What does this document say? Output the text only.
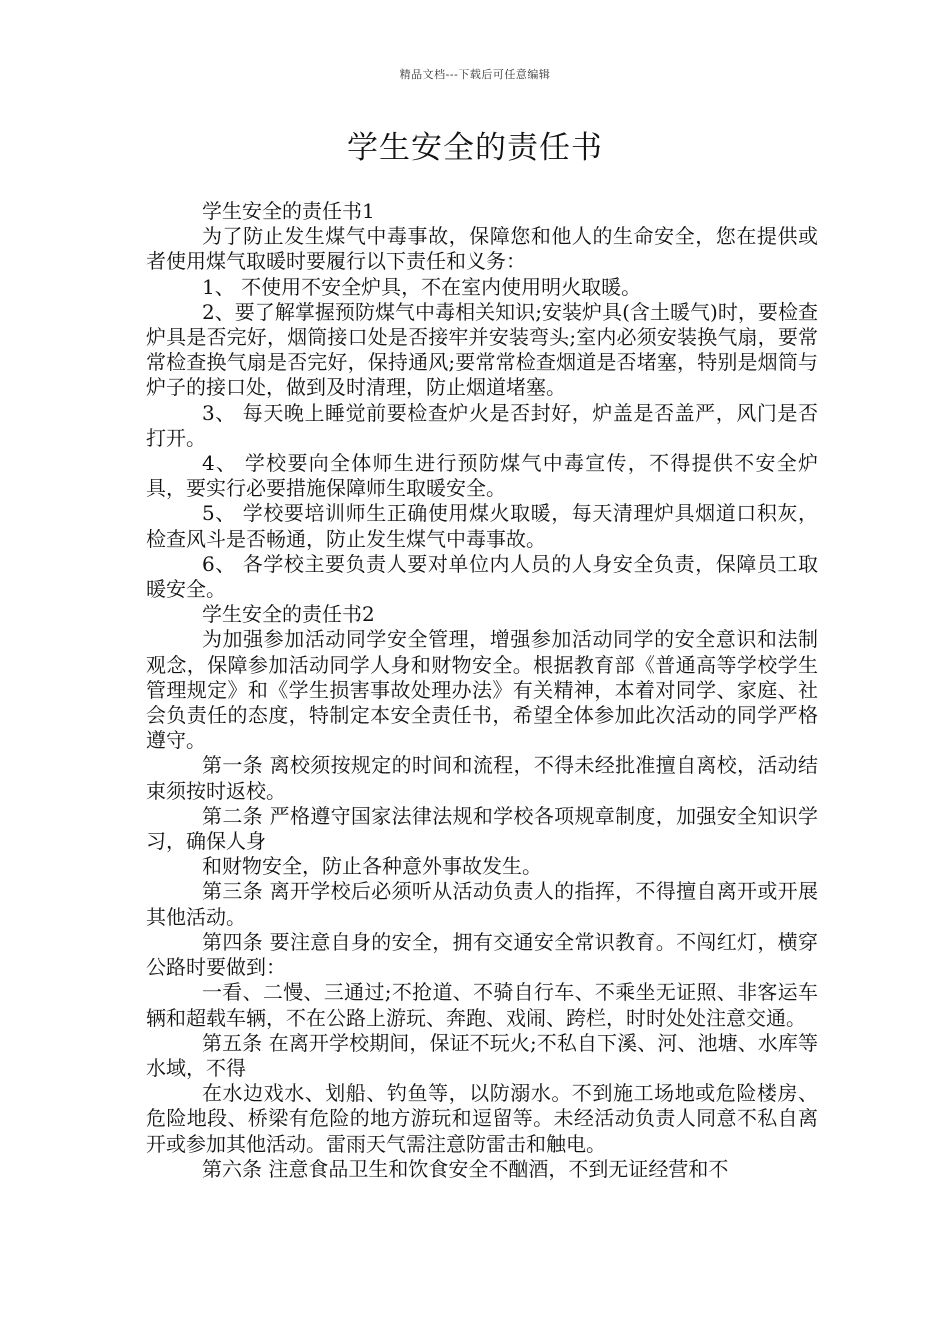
精品文档---下载后可任意编辑
学生安全的责任书

学生安全的责任书1

为了防止发生煤气中毒事故，保障您和他人的生命安全，您在提供或者使用煤气取暖时要履行以下责任和义务：

1、 不使用不安全炉具，不在室内使用明火取暖。

2、要了解掌握预防煤气中毒相关知识;安装炉具(含土暖气)时，要检查炉具是否完好，烟筒接口处是否接牢并安装弯头;室内必须安装换气扇，要常常检查换气扇是否完好，保持通风;要常常检查烟道是否堵塞，特别是烟筒与炉子的接口处，做到及时清理，防止烟道堵塞。

3、 每天晚上睡觉前要检查炉火是否封好，炉盖是否盖严，风门是否打开。

4、 学校要向全体师生进行预防煤气中毒宣传，不得提供不安全炉具，要实行必要措施保障师生取暖安全。

5、 学校要培训师生正确使用煤火取暖，每天清理炉具烟道口积灰，检查风斗是否畅通，防止发生煤气中毒事故。

6、 各学校主要负责人要对单位内人员的人身安全负责，保障员工取暖安全。

学生安全的责任书2

为加强参加活动同学安全管理，增强参加活动同学的安全意识和法制观念，保障参加活动同学人身和财物安全。根据教育部《普通高等学校学生管理规定》和《学生损害事故处理办法》有关精神，本着对同学、家庭、社会负责任的态度，特制定本安全责任书，希望全体参加此次活动的同学严格遵守。

第一条 离校须按规定的时间和流程，不得未经批准擅自离校，活动结束须按时返校。

第二条 严格遵守国家法律法规和学校各项规章制度，加强安全知识学习，确保人身

和财物安全，防止各种意外事故发生。

第三条 离开学校后必须听从活动负责人的指挥，不得擅自离开或开展其他活动。

第四条 要注意自身的安全，拥有交通安全常识教育。不闯红灯，横穿公路时要做到：

一看、二慢、三通过;不抢道、不骑自行车、不乘坐无证照、非客运车辆和超载车辆，不在公路上游玩、奔跑、戏闹、跨栏，时时处处注意交通。

第五条 在离开学校期间，保证不玩火;不私自下溪、河、池塘、水库等水域，不得

在水边戏水、划船、钓鱼等，以防溺水。不到施工场地或危险楼房、危险地段、桥梁有危险的地方游玩和逗留等。未经活动负责人同意不私自离开或参加其他活动。雷雨天气需注意防雷击和触电。

第六条 注意食品卫生和饮食安全不酗酒，不到无证经营和不
